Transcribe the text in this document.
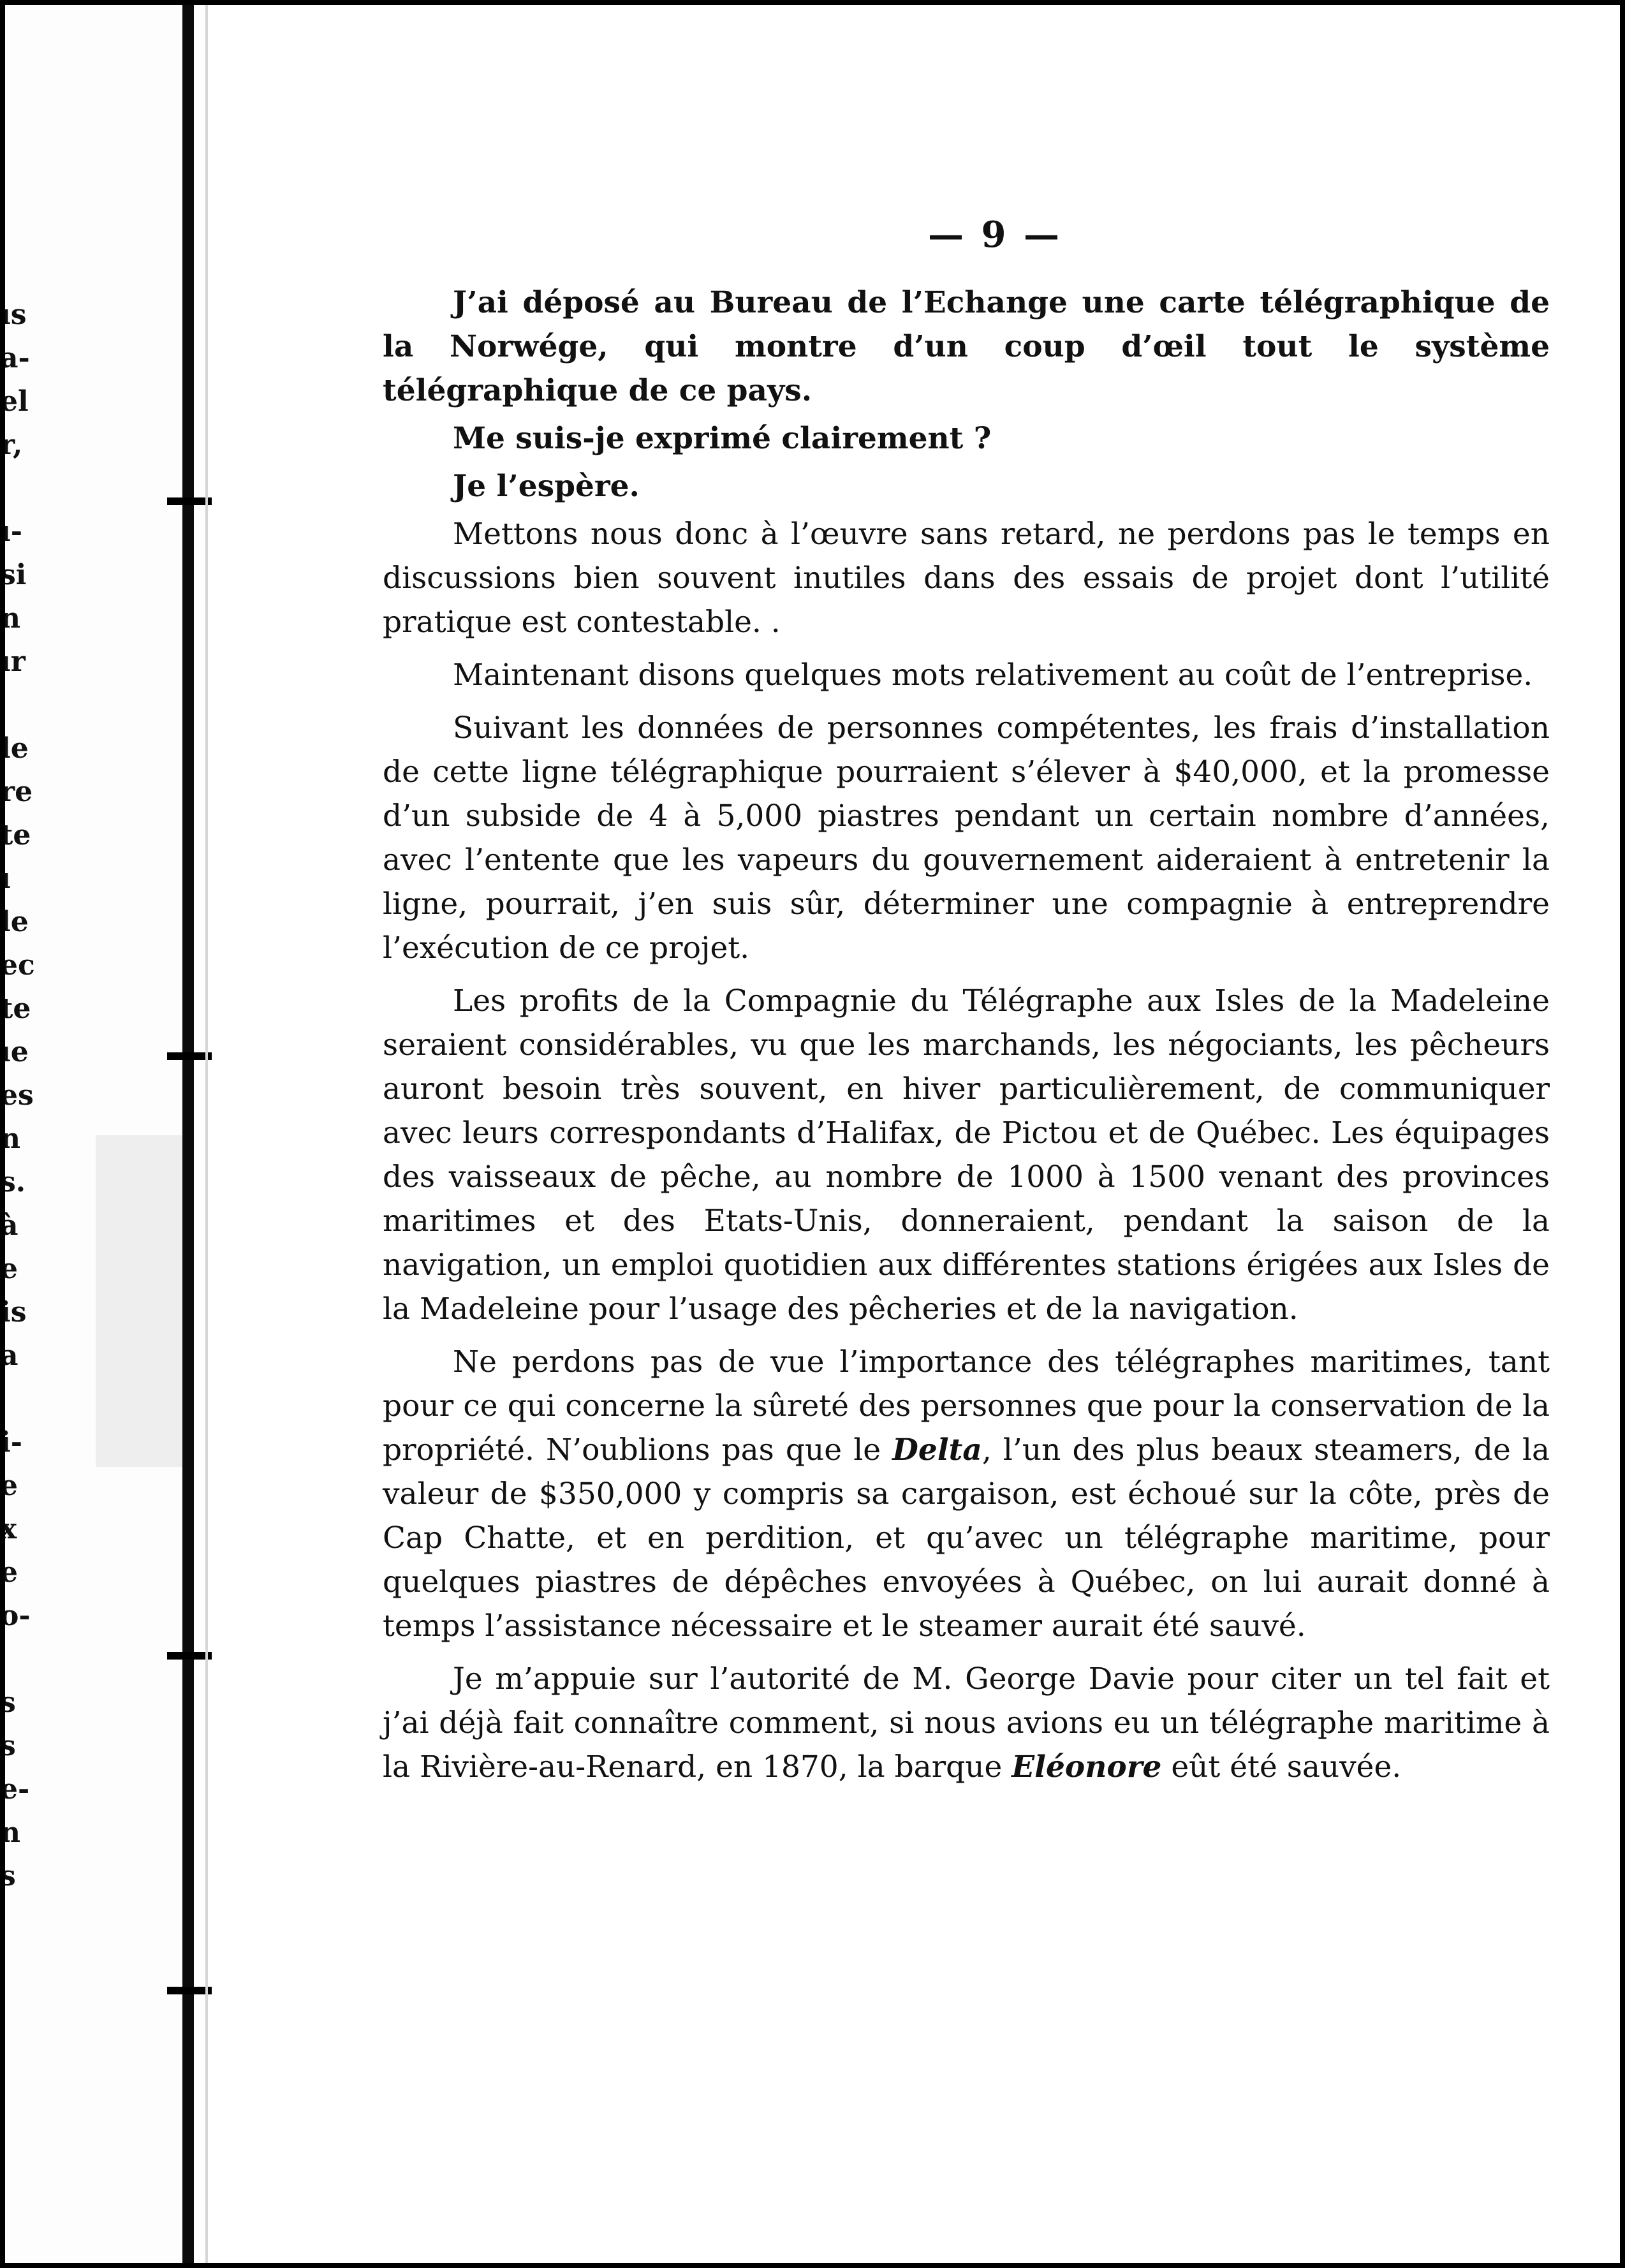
ıs
a-
el
r,
ı-
si
n
ır
le
re
te
ı
le
ec
te
ıe
es
n
s.
à
e
is
a
i-
e
x
e
o-
s
s
e-
n
s
— 9 —

J’ai déposé au Bureau de l’Echange une carte télégraphique de la Norwége, qui montre d’un coup d’œil tout le système télégraphique de ce pays.

Me suis-je exprimé clairement ?

Je l’espère.

Mettons nous donc à l’œuvre sans retard, ne perdons pas le temps en discussions bien souvent inutiles dans des essais de projet dont l’utilité pratique est contestable. .

Maintenant disons quelques mots relativement au coût de l’entreprise.

Suivant les données de personnes compétentes, les frais d’installation de cette ligne télégraphique pourraient s’élever à $40,000, et la promesse d’un subside de 4 à 5,000 piastres pendant un certain nombre d’années, avec l’entente que les vapeurs du gouvernement aideraient à entretenir la ligne, pourrait, j’en suis sûr, déterminer une compagnie à entreprendre l’exécution de ce projet.

Les profits de la Compagnie du Télégraphe aux Isles de la Madeleine seraient considérables, vu que les marchands, les négociants, les pêcheurs auront besoin très souvent, en hiver particulièrement, de communiquer avec leurs correspondants d’Halifax, de Pictou et de Québec. Les équipages des vaisseaux de pêche, au nombre de 1000 à 1500 venant des provinces maritimes et des Etats-Unis, donneraient, pendant la saison de la navigation, un emploi quotidien aux différentes stations érigées aux Isles de la Madeleine pour l’usage des pêcheries et de la navigation.

Ne perdons pas de vue l’importance des télégraphes maritimes, tant pour ce qui concerne la sûreté des personnes que pour la conservation de la propriété. N’oublions pas que le Delta, l’un des plus beaux steamers, de la valeur de $350,000 y compris sa cargaison, est échoué sur la côte, près de Cap Chatte, et en perdition, et qu’avec un télégraphe maritime, pour quelques piastres de dépêches envoyées à Québec, on lui aurait donné à temps l’assistance nécessaire et le steamer aurait été sauvé.

Je m’appuie sur l’autorité de M. George Davie pour citer un tel fait et j’ai déjà fait connaître comment, si nous avions eu un télégraphe maritime à la Rivière-au-Renard, en 1870, la barque Eléonore eût été sauvée.
